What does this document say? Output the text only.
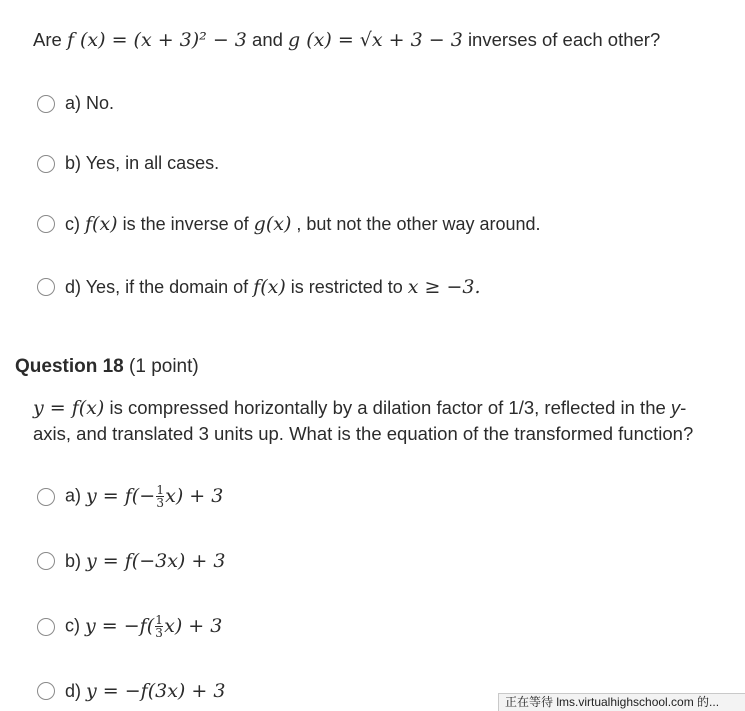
Are f (x) = (x + 3)² − 3 and g (x) = √x + 3 − 3 inverses of each other?
a) No.
b) Yes, in all cases.
c) f(x) is the inverse of g(x) , but not the other way around.
d) Yes, if the domain of f(x) is restricted to x ≥ −3.
Question 18 (1 point)
y = f(x) is compressed horizontally by a dilation factor of 1/3, reflected in the y-
axis, and translated 3 units up. What is the equation of the transformed function?
a) $y = f(- \frac{1}{3} x) + 3$
b) y = f(−3x) + 3
c) $y = -f( \frac{1}{3} x) + 3$
d) y = −f(3x) + 3	正在等待 lms.virtualhighschool.com 的...
